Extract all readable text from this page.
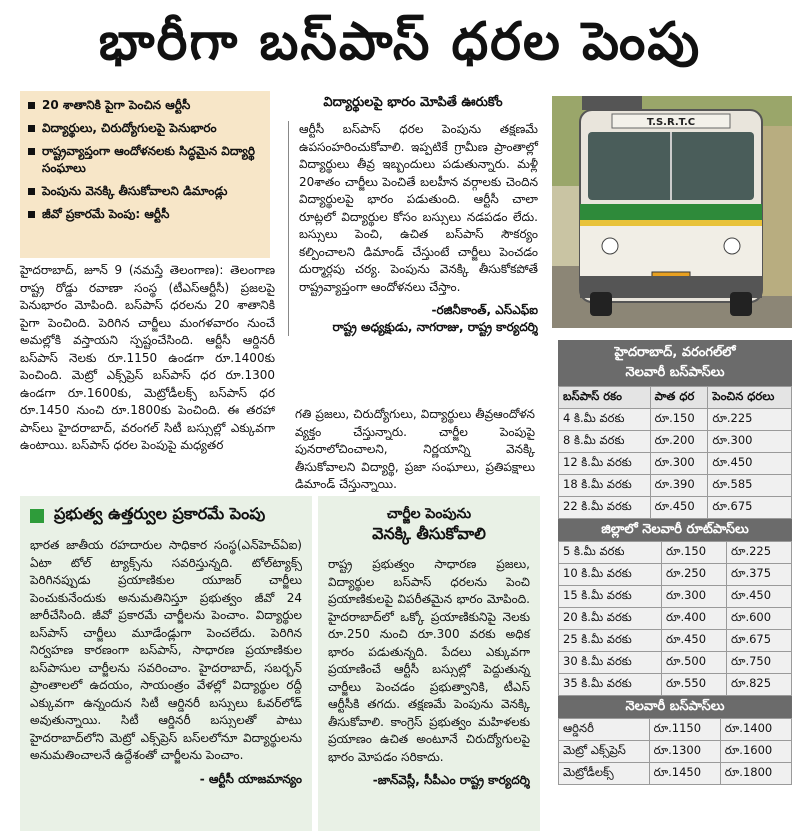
భారీగా బస్‌పాస్‌ ధరల పెంపు
20 శాతానికి పైగా పెంచిన ఆర్టీసీ
విద్యార్థులు, చిరుద్యోగులపై పెనుభారం
రాష్ట్రవ్యాప్తంగా ఆందోళనలకు సిద్ధమైన విద్యార్థి సంఘాలు
పెంపును వెనక్కి తీసుకోవాలని డిమాండ్లు
జీవో ప్రకారమే పెంపు: ఆర్టీసీ

హైదరాబాద్‌, జూన్‌ 9 (నమస్తే తెలంగాణ): తెలంగాణ రాష్ట్ర రోడ్డు రవాణా సంస్థ (టీఎస్‌ఆర్టీసీ) ప్రజలపై పెనుభారం మోపింది. బస్‌పాస్‌ ధరలను 20 శాతానికి పైగా పెంచింది. పెరిగిన చార్జీలు మంగళవారం నుంచే అమల్లోకి వస్తాయని స్పష్టంచేసింది. ఆర్టీసీ ఆర్డినరీ బస్‌పాస్‌ నెలకు రూ.1150 ఉండగా రూ.1400కు పెంచింది. మెట్రో ఎక్స్‌ప్రెస్‌ బస్‌పాస్‌ ధర రూ.1300 ఉండగా రూ.1600కు, మెట్రోడీలక్స్‌ బస్‌పాస్‌ ధర రూ.1450 నుంచి రూ.1800కు పెంచింది. ఈ తరహా పాస్‌లు హైదరాబాద్‌, వరంగల్‌ సిటీ బస్సుల్లో ఎక్కువగా ఉంటాయి. బస్‌పాస్‌ ధరల పెంపుపై మధ్యతర

విద్యార్థులపై భారం మోపితే ఊరుకోం

ఆర్టీసీ బస్‌పాస్‌ ధరల పెంపును తక్షణమే ఉపసంహరించుకోవాలి. ఇప్పటికే గ్రామీణ ప్రాంతాల్లో విద్యార్థులు తీవ్ర ఇబ్బందులు పడుతున్నారు. మళ్లీ 20శాతం చార్జీలు పెంచితే బలహీన వర్గాలకు చెందిన విద్యార్థులపై భారం పడుతుంది. ఆర్టీసీ చాలా రూట్లలో విద్యార్థుల కోసం బస్సులు నడపడం లేదు. బస్సులు పెంచి, ఉచిత బస్‌పాస్‌ సౌకర్యం కల్పించాలని డిమాండ్‌ చేస్తుంటే చార్జీలు పెంచడం దుర్మార్గపు చర్య. పెంపును వెనక్కి తీసుకోకపోతే రాష్ట్రవ్యాప్తంగా ఆందోళనలు చేస్తాం.

-రజినీకాంత్‌, ఎస్‌ఎఫ్‌ఐ
రాష్ట్ర అధ్యక్షుడు, నాగరాజు, రాష్ట్ర కార్యదర్శి

గతి ప్రజలు, చిరుద్యోగులు, విద్యార్థులు తీవ్రఆందోళన వ్యక్తం చేస్తున్నారు. చార్జీల పెంపుపై పునరాలోచించాలని, నిర్ణయాన్ని వెనక్కి తీసుకోవాలని విద్యార్థి, ప్రజా సంఘాలు, ప్రతిపక్షాలు డిమాండ్‌ చేస్తున్నాయి.

T.S.R.T.C
ప్రభుత్వ ఉత్తర్వుల ప్రకారమే పెంపు

భారత జాతీయ రహదారుల సాధికార సంస్థ(ఎన్‌హెచ్‌ఏఐ) ఏటా టోల్‌ ట్యాక్స్‌ను సవరిస్తున్నది. టోల్‌ట్యాక్స్‌ పెరిగినప్పుడు ప్రయాణికుల యూజర్‌ చార్జీలు పెంచుకునేందుకు అనుమతినిస్తూ ప్రభుత్వం జీవో 24 జారీచేసింది. జీవో ప్రకారమే చార్జీలను పెంచాం. విద్యార్థుల బస్‌పాస్‌ చార్జీలు మూడేండ్లుగా పెంచలేదు. పెరిగిన నిర్వహణ కారణంగా బస్‌పాస్‌, సాధారణ ప్రయాణికుల బస్‌పాసుల చార్జీలను సవరించాం. హైదరాబాద్‌, సబర్బన్‌ ప్రాంతాలలో ఉదయం, సాయంత్రం వేళల్లో విద్యార్థుల రద్దీ ఎక్కువగా ఉన్నందున సిటీ ఆర్డినరీ బస్సులు ఓవర్‌లోడ్‌ అవుతున్నాయి. సిటీ ఆర్డినరీ బస్సులతో పాటు హైదరాబాద్‌లోని మెట్రో ఎక్స్‌ప్రెస్‌ బస్‌లలోనూ విద్యార్థులను అనుమతించాలనే ఉద్దేశంతో చార్జీలను పెంచాం.

- ఆర్టీసీ యాజమాన్యం
చార్జీల పెంపును
వెనక్కి తీసుకోవాలి

రాష్ట్ర ప్రభుత్వం సాధారణ ప్రజలు, విద్యార్థుల బస్‌పాస్‌ ధరలను పెంచి ప్రయాణికులపై విపరీతమైన భారం మోపింది. హైదరాబాద్‌లో ఒక్కో ప్రయాణికునిపై నెలకు రూ.250 నుంచి రూ.300 వరకు అధిక భారం పడుతున్నది. పేదలు ఎక్కువగా ప్రయాణించే ఆర్టీసీ బస్సుల్లో పెద్దుతున్న చార్జీలు పెంచడం ప్రభుత్వానికి, టీఎస్‌ ఆర్టీసీకి తగదు. తక్షణమే పెంపును వెనక్కి తీసుకోవాలి. కాంగ్రెస్‌ ప్రభుత్వం మహిళలకు ప్రయాణం ఉచిత అంటూనే చిరుద్యోగులపై భారం మోపడం సరికాదు.

-జాన్‌వెస్లీ, సీపీఎం రాష్ట్ర కార్యదర్శి
హైదరాబాద్‌, వరంగల్‌లో
నెలవారీ బస్‌పాస్‌లు
బస్‌పాస్‌ రకం	పాత ధర	పెంచిన ధరలు
4 కి.మీ వరకు	రూ.150	రూ.225
8 కి.మీ వరకు	రూ.200	రూ.300
12 కి.మీ వరకు	రూ.300	రూ.450
18 కి.మీ వరకు	రూ.390	రూ.585
22 కి.మీ వరకు	రూ.450	రూ.675
జిల్లాలో నెలవారీ రూట్‌పాస్‌లు
5 కి.మీ వరకు	రూ.150	రూ.225
10 కి.మీ వరకు	రూ.250	రూ.375
15 కి.మీ వరకు	రూ.300	రూ.450
20 కి.మీ వరకు	రూ.400	రూ.600
25 కి.మీ వరకు	రూ.450	రూ.675
30 కి.మీ వరకు	రూ.500	రూ.750
35 కి.మీ వరకు	రూ.550	రూ.825
నెలవారీ బస్‌పాస్‌లు
ఆర్డినరీ	రూ.1150	రూ.1400
మెట్రో ఎక్స్‌ప్రెస్‌	రూ.1300	రూ.1600
మెట్రోడీలక్స్‌	రూ.1450	రూ.1800
